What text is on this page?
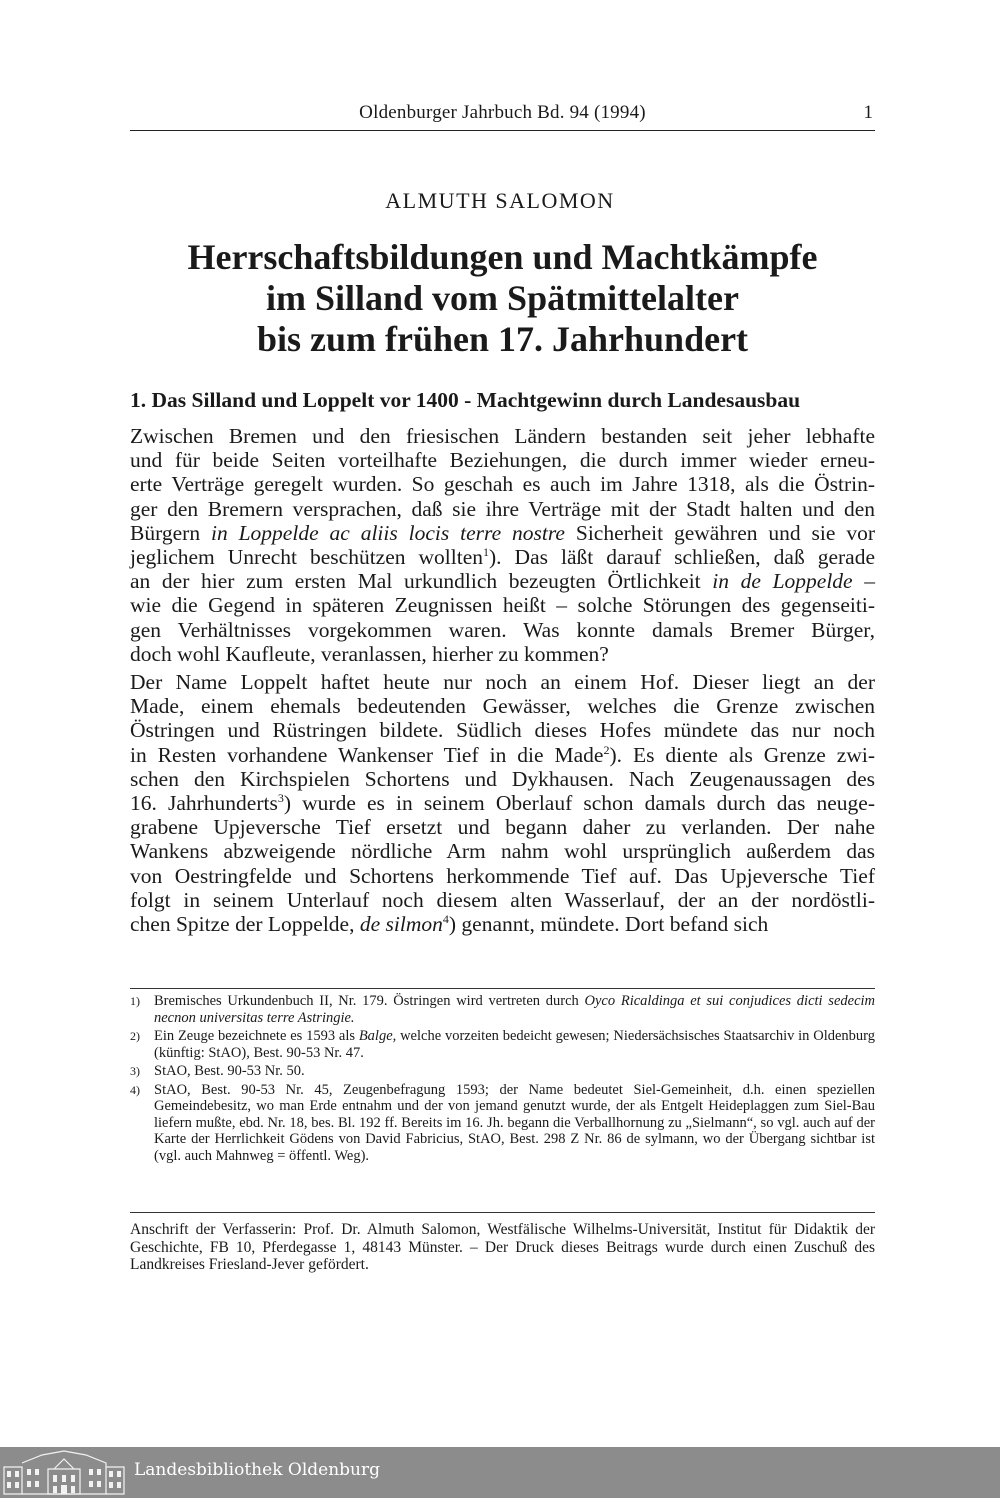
Oldenburger Jahrbuch Bd. 94 (1994)	1
ALMUTH SALOMON
Herrschaftsbildungen und Machtkämpfe
im Silland vom Spätmittelalter
bis zum frühen 17. Jahrhundert
1. Das Silland und Loppelt vor 1400 - Machtgewinn durch Landesausbau

Zwischen Bremen und den friesischen Ländern bestanden seit jeher lebhafte
und für beide Seiten vorteilhafte Beziehungen, die durch immer wieder erneu-
erte Verträge geregelt wurden. So geschah es auch im Jahre 1318, als die Östrin-
ger den Bremern versprachen, daß sie ihre Verträge mit der Stadt halten und den
Bürgern in Loppelde ac aliis locis terre nostre Sicherheit gewähren und sie vor
jeglichem Unrecht beschützen wollten$^1$). Das läßt darauf schließen, daß gerade
an der hier zum ersten Mal urkundlich bezeugten Örtlichkeit in de Loppelde –
wie die Gegend in späteren Zeugnissen heißt – solche Störungen des gegenseiti-
gen Verhältnisses vorgekommen waren. Was konnte damals Bremer Bürger,
doch wohl Kaufleute, veranlassen, hierher zu kommen?

Der Name Loppelt haftet heute nur noch an einem Hof. Dieser liegt an der
Made, einem ehemals bedeutenden Gewässer, welches die Grenze zwischen
Östringen und Rüstringen bildete. Südlich dieses Hofes mündete das nur noch
in Resten vorhandene Wankenser Tief in die Made$^2$). Es diente als Grenze zwi-
schen den Kirchspielen Schortens und Dykhausen. Nach Zeugenaussagen des
16. Jahrhunderts$^3$) wurde es in seinem Oberlauf schon damals durch das neuge-
grabene Upjeversche Tief ersetzt und begann daher zu verlanden. Der nahe
Wankens abzweigende nördliche Arm nahm wohl ursprünglich außerdem das
von Oestringfelde und Schortens herkommende Tief auf. Das Upjeversche Tief
folgt in seinem Unterlauf noch diesem alten Wasserlauf, der an der nordöstli-
chen Spitze der Loppelde, de silmon$^4$) genannt, mündete. Dort befand sich

1) Bremisches Urkundenbuch II, Nr. 179. Östringen wird vertreten durch Oyco Ricaldinga et sui conjudices dicti sedecim necnon universitas terre Astringie.
2) Ein Zeuge bezeichnete es 1593 als Balge, welche vorzeiten bedeicht gewesen; Niedersächsisches Staatsarchiv in Oldenburg (künftig: StAO), Best. 90-53 Nr. 47.
3) StAO, Best. 90-53 Nr. 50.
4) StAO, Best. 90-53 Nr. 45, Zeugenbefragung 1593; der Name bedeutet Siel-Gemeinheit, d.h. einen speziellen Gemeindebesitz, wo man Erde entnahm und der von jemand genutzt wurde, der als Entgelt Heideplaggen zum Siel-Bau liefern mußte, ebd. Nr. 18, bes. Bl. 192 ff. Bereits im 16. Jh. begann die Verballhornung zu „Sielmann“, so vgl. auch auf der Karte der Herrlichkeit Gödens von David Fabricius, StAO, Best. 298 Z Nr. 86 de sylmann, wo der Übergang sichtbar ist (vgl. auch Mahnweg = öffentl. Weg).
Anschrift der Verfasserin: Prof. Dr. Almuth Salomon, Westfälische Wilhelms-Universität, Institut für Didaktik der Geschichte, FB 10, Pferdegasse 1, 48143 Münster. – Der Druck dieses Beitrags wurde durch einen Zuschuß des Landkreises Friesland-Jever gefördert.
Landesbibliothek Oldenburg
